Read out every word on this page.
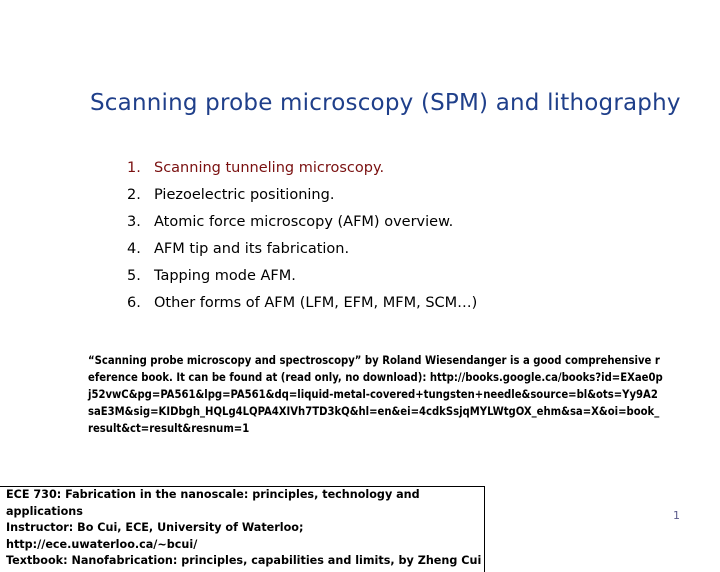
Scanning probe microscopy (SPM) and lithography
1. Scanning tunneling microscopy.
2. Piezoelectric positioning.
3. Atomic force microscopy (AFM) overview.
4. AFM tip and its fabrication.
5. Tapping mode AFM.
6. Other forms of AFM (LFM, EFM, MFM, SCM…)
“Scanning probe microscopy and spectroscopy” by Roland Wiesendanger is a good comprehensive reference book. It can be found at (read only, no download): http://books.google.ca/books?id=EXae0pj52vwC&pg=PA561&lpg=PA561&dq=liquid-metal-covered+tungsten+needle&source=bl&ots=Yy9A2saE3M&sig=KIDbgh_HQLg4LQPA4XIVh7TD3kQ&hl=en&ei=4cdkSsjqMYLWtgOX_ehm&sa=X&oi=book_result&ct=result&resnum=1
ECE 730: Fabrication in the nanoscale: principles, technology and applications
Instructor: Bo Cui, ECE, University of Waterloo; http://ece.uwaterloo.ca/~bcui/
Textbook: Nanofabrication: principles, capabilities and limits, by Zheng Cui
1
